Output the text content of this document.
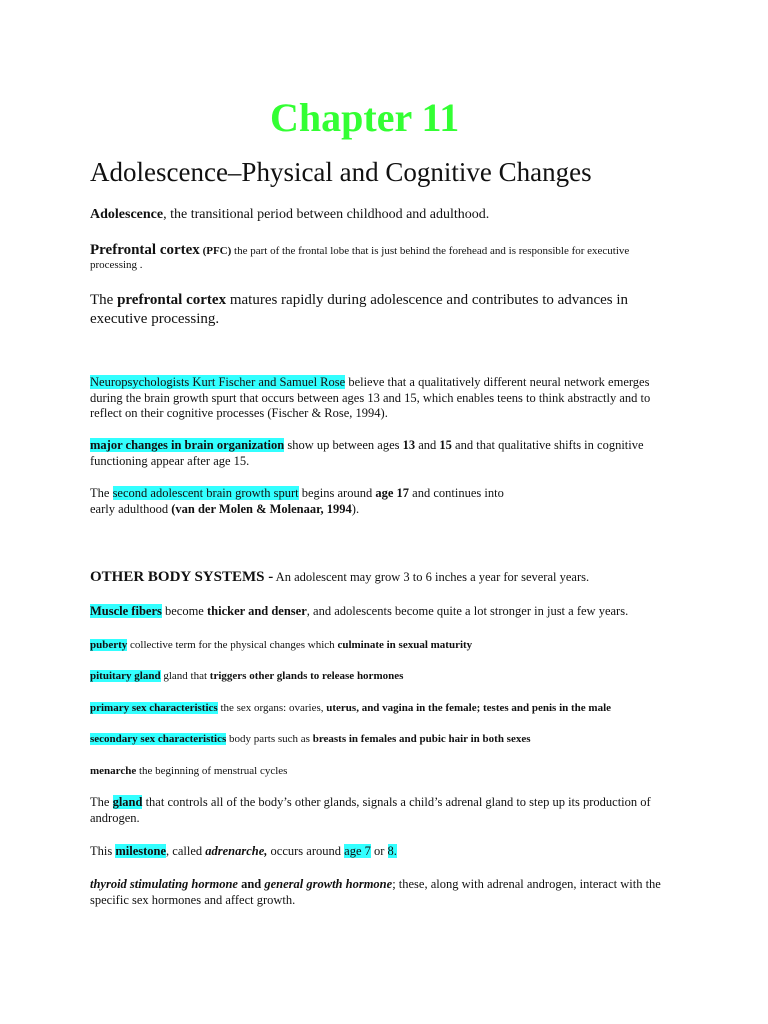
Chapter 11
Adolescence–Physical and Cognitive Changes
Adolescence, the transitional period between childhood and adulthood.
Prefrontal cortex (PFC) the part of the frontal lobe that is just behind the forehead and is responsible for executive processing .
The prefrontal cortex matures rapidly during adolescence and contributes to advances in executive processing.
Neuropsychologists Kurt Fischer and Samuel Rose believe that a qualitatively different neural network emerges during the brain growth spurt that occurs between ages 13 and 15, which enables teens to think abstractly and to reflect on their cognitive processes (Fischer & Rose, 1994).
major changes in brain organization show up between ages 13 and 15 and that qualitative shifts in cognitive functioning appear after age 15.
The second adolescent brain growth spurt begins around age 17 and continues into early adulthood (van der Molen & Molenaar, 1994).
OTHER BODY SYSTEMS - An adolescent may grow 3 to 6 inches a year for several years.
Muscle fibers become thicker and denser, and adolescents become quite a lot stronger in just a few years.
puberty collective term for the physical changes which culminate in sexual maturity
pituitary gland gland that triggers other glands to release hormones
primary sex characteristics the sex organs: ovaries, uterus, and vagina in the female; testes and penis in the male
secondary sex characteristics body parts such as breasts in females and pubic hair in both sexes
menarche the beginning of menstrual cycles
The gland that controls all of the body’s other glands, signals a child’s adrenal gland to step up its production of androgen.
This milestone, called adrenarche, occurs around age 7 or 8.
thyroid stimulating hormone and general growth hormone; these, along with adrenal androgen, interact with the specific sex hormones and affect growth.
